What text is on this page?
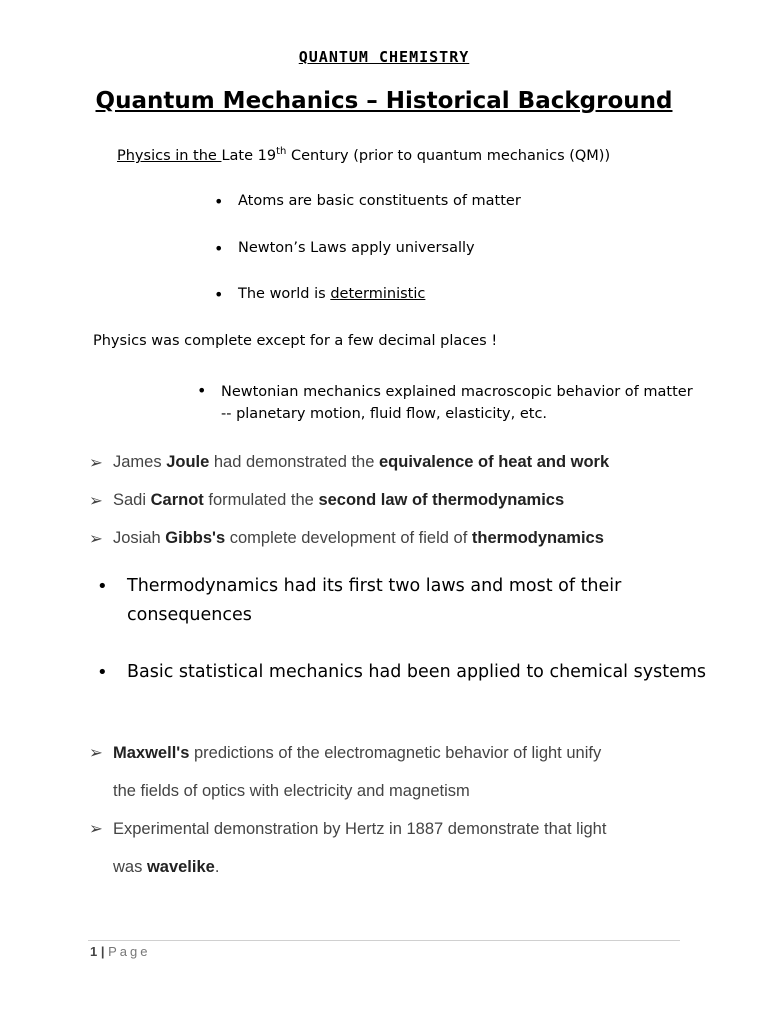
QUANTUM CHEMISTRY
Quantum Mechanics – Historical Background
Physics in the Late 19th Century (prior to quantum mechanics (QM))
• Atoms are basic constituents of matter
• Newton’s Laws apply universally
• The world is deterministic
Physics was complete except for a few decimal places !
• Newtonian mechanics explained macroscopic behavior of matter -- planetary motion, fluid flow, elasticity, etc.
➢ James Joule had demonstrated the equivalence of heat and work
➢ Sadi Carnot formulated the second law of thermodynamics
➢ Josiah Gibbs's complete development of field of thermodynamics
• Thermodynamics had its first two laws and most of their consequences
• Basic statistical mechanics had been applied to chemical systems
➢ Maxwell's predictions of the electromagnetic behavior of light unify
the fields of optics with electricity and magnetism
➢ Experimental demonstration by Hertz in 1887 demonstrate that light
was wavelike.
1 | Page
